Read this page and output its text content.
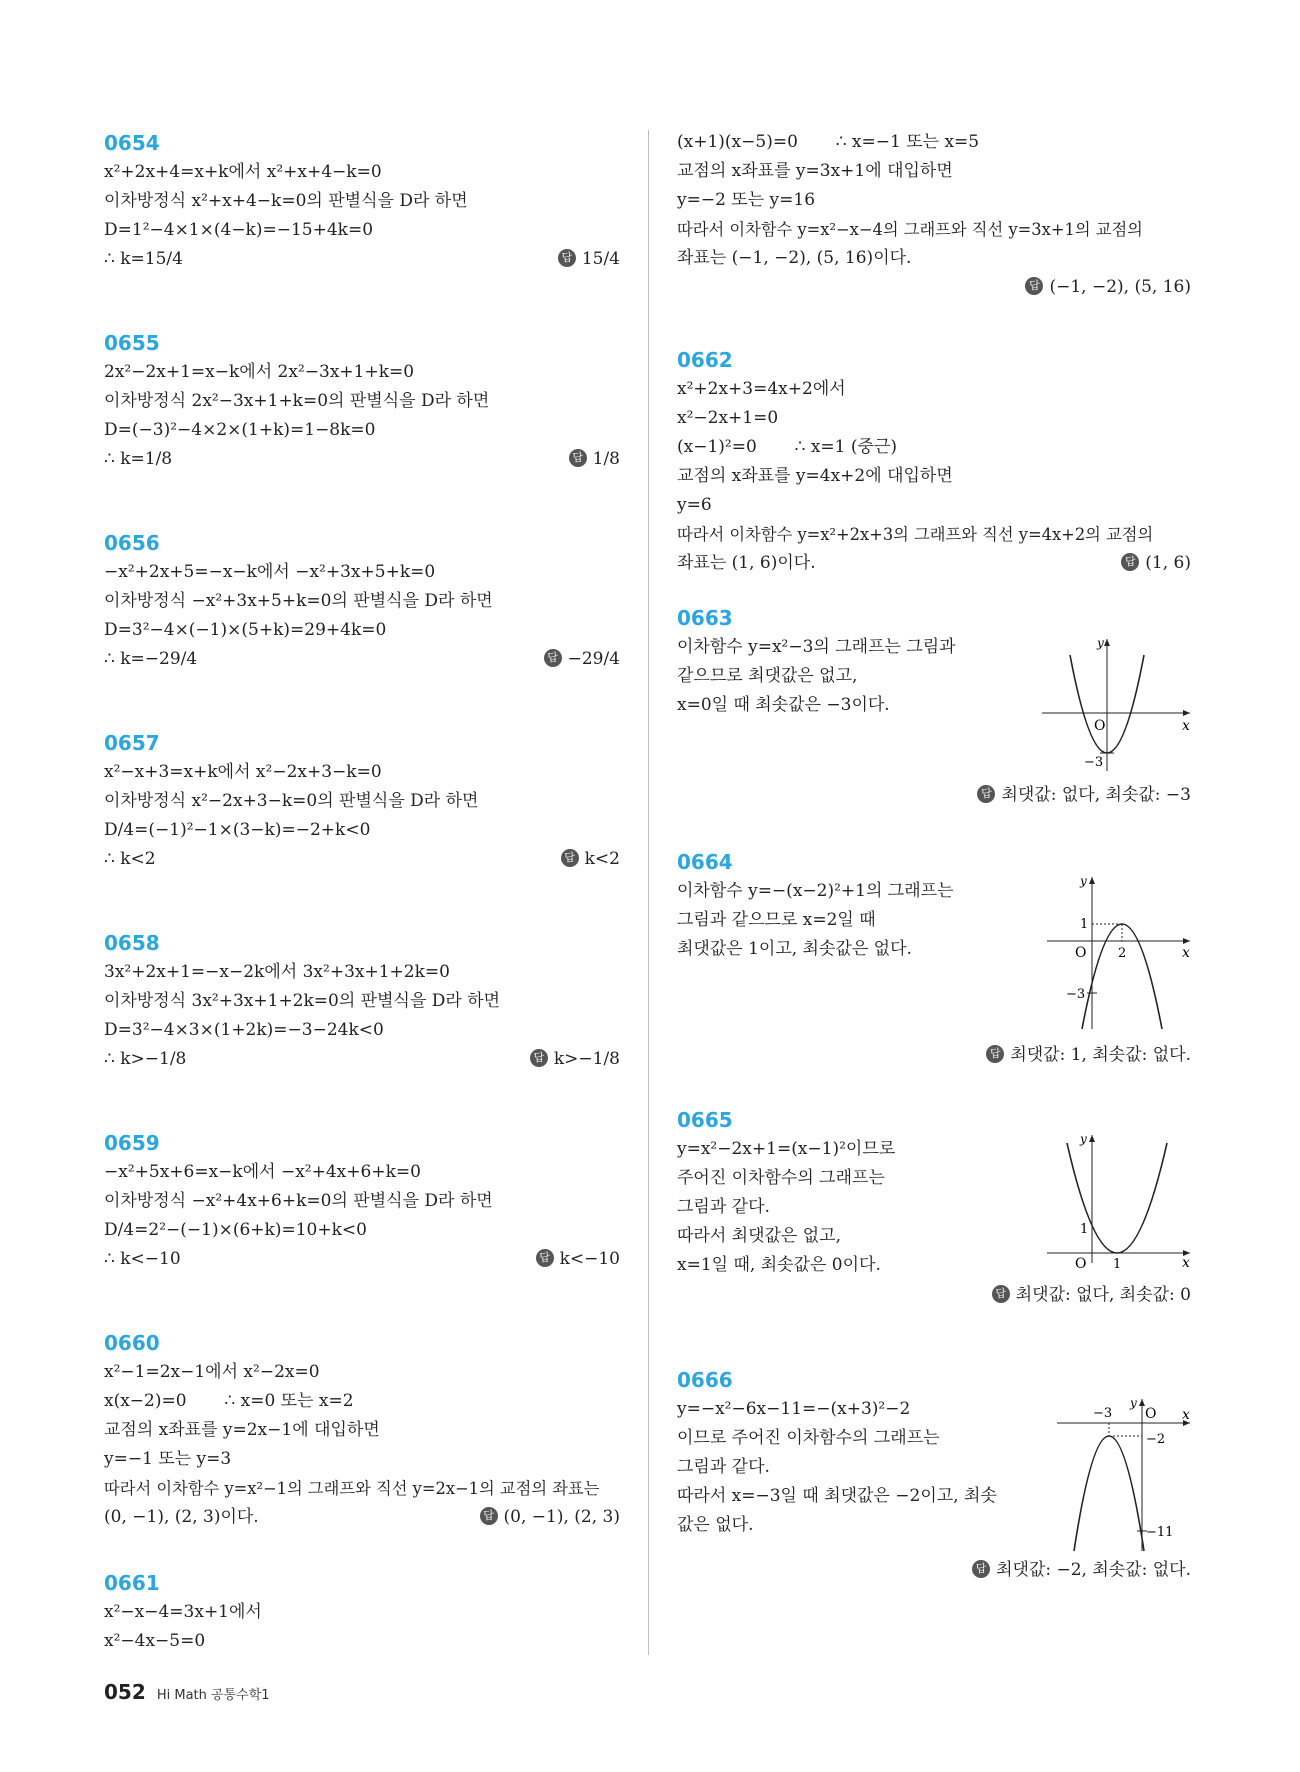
0654
x²+2x+4=x+k에서 x²+x+4−k=0
이차방정식 x²+x+4−k=0의 판별식을 D라 하면
D=1²−4×1×(4−k)=−15+4k=0
∴ k=15/4	답 15/4
0655
2x²−2x+1=x−k에서 2x²−3x+1+k=0
이차방정식 2x²−3x+1+k=0의 판별식을 D라 하면
D=(−3)²−4×2×(1+k)=1−8k=0
∴ k=1/8	답 1/8
0656
−x²+2x+5=−x−k에서 −x²+3x+5+k=0
이차방정식 −x²+3x+5+k=0의 판별식을 D라 하면
D=3²−4×(−1)×(5+k)=29+4k=0
∴ k=−29/4	답 −29/4
0657
x²−x+3=x+k에서 x²−2x+3−k=0
이차방정식 x²−2x+3−k=0의 판별식을 D라 하면
D/4=(−1)²−1×(3−k)=−2+k<0
∴ k<2	답 k<2
0658
3x²+2x+1=−x−2k에서 3x²+3x+1+2k=0
이차방정식 3x²+3x+1+2k=0의 판별식을 D라 하면
D=3²−4×3×(1+2k)=−3−24k<0
∴ k>−1/8	답 k>−1/8
0659
−x²+5x+6=x−k에서 −x²+4x+6+k=0
이차방정식 −x²+4x+6+k=0의 판별식을 D라 하면
D/4=2²−(−1)×(6+k)=10+k<0
∴ k<−10	답 k<−10
0660
x²−1=2x−1에서 x²−2x=0
x(x−2)=0       ∴ x=0 또는 x=2
교점의 x좌표를 y=2x−1에 대입하면
y=−1 또는 y=3
따라서 이차함수 y=x²−1의 그래프와 직선 y=2x−1의 교점의 좌표는
(0, −1), (2, 3)이다.	답 (0, −1), (2, 3)
0661
x²−x−4=3x+1에서
x²−4x−5=0
(x+1)(x−5)=0       ∴ x=−1 또는 x=5
교점의 x좌표를 y=3x+1에 대입하면
y=−2 또는 y=16
따라서 이차함수 y=x²−x−4의 그래프와 직선 y=3x+1의 교점의
좌표는 (−1, −2), (5, 16)이다.
답 (−1, −2), (5, 16)
0662
x²+2x+3=4x+2에서
x²−2x+1=0
(x−1)²=0       ∴ x=1 (중근)
교점의 x좌표를 y=4x+2에 대입하면
y=6
따라서 이차함수 y=x²+2x+3의 그래프와 직선 y=4x+2의 교점의
좌표는 (1, 6)이다.	답 (1, 6)
0663
이차함수 y=x²−3의 그래프는 그림과
같으므로 최댓값은 없고,
x=0일 때 최솟값은 −3이다.
y
x
O
−3
답 최댓값: 없다, 최솟값: −3
0664
이차함수 y=−(x−2)²+1의 그래프는
그림과 같으므로 x=2일 때
최댓값은 1이고, 최솟값은 없다.
y
x
O
1
2
−3
답 최댓값: 1, 최솟값: 없다.
0665
y=x²−2x+1=(x−1)²이므로
주어진 이차함수의 그래프는
그림과 같다.
따라서 최댓값은 없고,
x=1일 때, 최솟값은 0이다.
y
x
O
1
1
답 최댓값: 없다, 최솟값: 0
0666
y=−x²−6x−11=−(x+3)²−2
이므로 주어진 이차함수의 그래프는
그림과 같다.
따라서 x=−3일 때 최댓값은 −2이고, 최솟
값은 없다.
y
x
O
−3
−2
−11
답 최댓값: −2, 최솟값: 없다.
052 Hi Math 공통수학1
